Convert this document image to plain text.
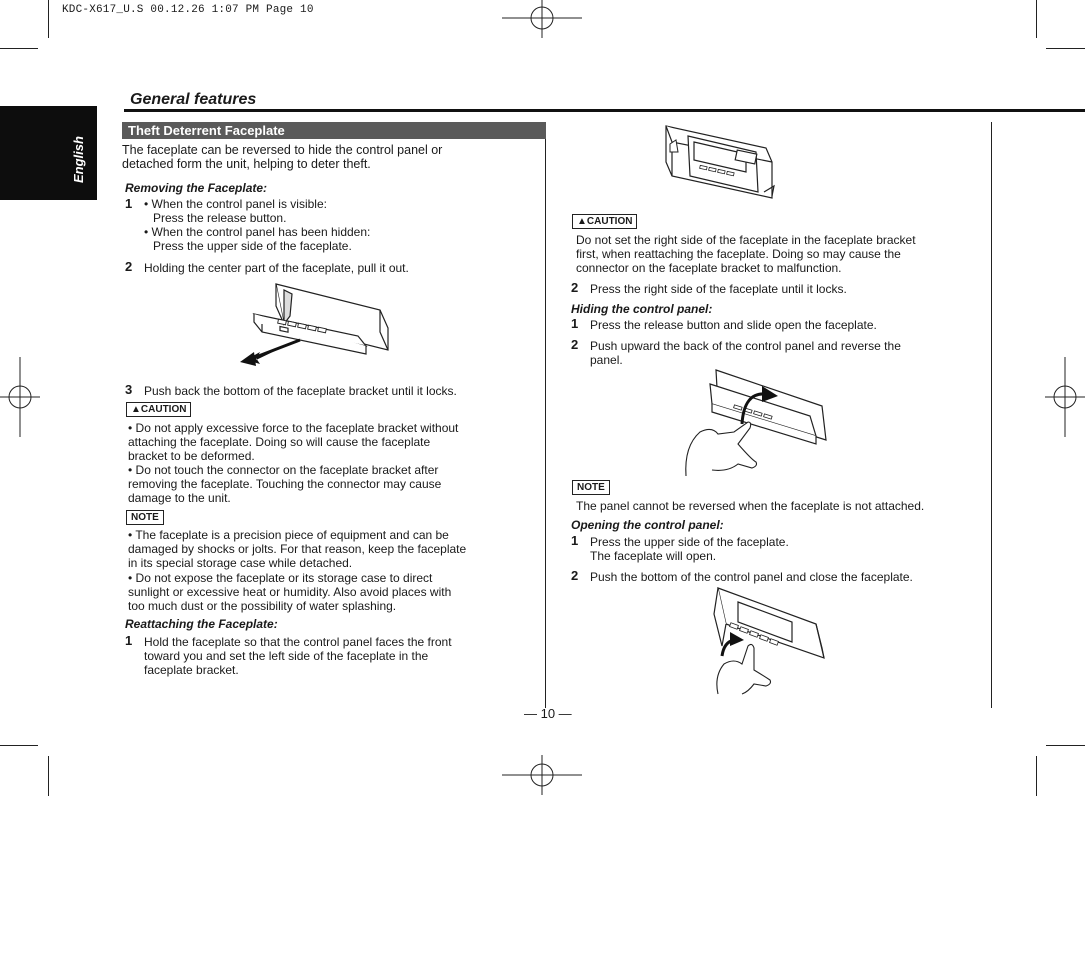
KDC-X617_U.S 00.12.26 1:07 PM Page 10
English
General features
Theft Deterrent Faceplate
The faceplate can be reversed to hide the control panel or
detached form the unit, helping to deter theft.
Removing the Faceplate:
1 • When the control panel is visible:
Press the release button.
• When the control panel has been hidden:
Press the upper side of the faceplate.
2 Holding the center part of the faceplate, pull it out.
3 Push back the bottom of the faceplate bracket until it locks.
▲CAUTION
• Do not apply excessive force to the faceplate bracket without
attaching the faceplate. Doing so will cause the faceplate
bracket to be deformed.
• Do not touch the connector on the faceplate bracket after
removing the faceplate. Touching the connector may cause
damage to the unit.
NOTE
• The faceplate is a precision piece of equipment and can be
damaged by shocks or jolts. For that reason, keep the faceplate
in its special storage case while detached.
• Do not expose the faceplate or its storage case to direct
sunlight or excessive heat or humidity. Also avoid places with
too much dust or the possibility of water splashing.
Reattaching the Faceplate:
1 Hold the faceplate so that the control panel faces the front
toward you and set the left side of the faceplate in the
faceplate bracket.
▲CAUTION
Do not set the right side of the faceplate in the faceplate bracket
first, when reattaching the faceplate. Doing so may cause the
connector on the faceplate bracket to malfunction.
2 Press the right side of the faceplate until it locks.
Hiding the control panel:
1 Press the release button and slide open the faceplate.
2 Push upward the back of the control panel and reverse the
panel.
NOTE
The panel cannot be reversed when the faceplate is not attached.
Opening the control panel:
1 Press the upper side of the faceplate.
The faceplate will open.
2 Push the bottom of the control panel and close the faceplate.
— 10 —
